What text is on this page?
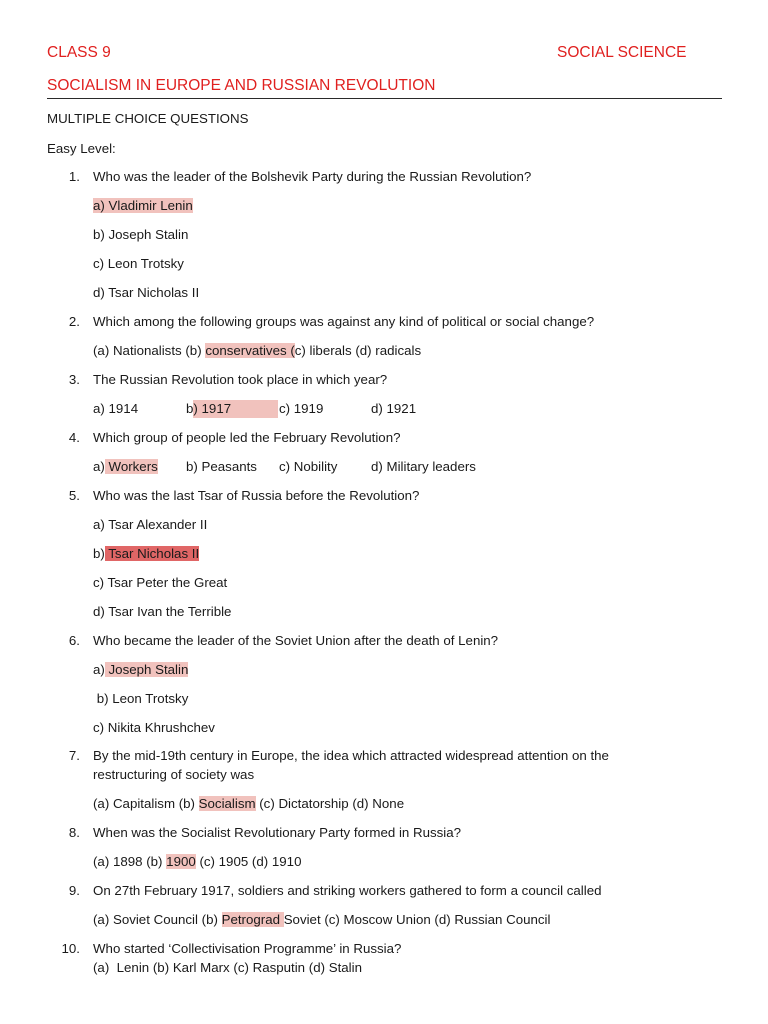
CLASS 9	SOCIAL SCIENCE
SOCIALISM IN EUROPE AND RUSSIAN REVOLUTION
MULTIPLE CHOICE QUESTIONS
Easy Level:
1. Who was the leader of the Bolshevik Party during the Russian Revolution?
a) Vladimir Lenin
b) Joseph Stalin
c) Leon Trotsky
d) Tsar Nicholas II
2. Which among the following groups was against any kind of political or social change?
(a) Nationalists (b) conservatives (c) liberals (d) radicals
3. The Russian Revolution took place in which year?
a) 1914	b) 1917	c) 1919	d) 1921
4. Which group of people led the February Revolution?
a) Workers b) Peasants c) Nobility	d) Military leaders
5. Who was the last Tsar of Russia before the Revolution?
a) Tsar Alexander II
b) Tsar Nicholas II
c) Tsar Peter the Great
d) Tsar Ivan the Terrible
6. Who became the leader of the Soviet Union after the death of Lenin?
a) Joseph Stalin
b) Leon Trotsky
c) Nikita Khrushchev
7. By the mid-19th century in Europe, the idea which attracted widespread attention on the
restructuring of society was
(a) Capitalism (b) Socialism (c) Dictatorship (d) None
8. When was the Socialist Revolutionary Party formed in Russia?
(a) 1898 (b) 1900 (c) 1905 (d) 1910
9. On 27th February 1917, soldiers and striking workers gathered to form a council called
(a) Soviet Council (b) Petrograd Soviet (c) Moscow Union (d) Russian Council
10. Who started ‘Collectivisation Programme’ in Russia?
(a)  Lenin (b) Karl Marx (c) Rasputin (d) Stalin
